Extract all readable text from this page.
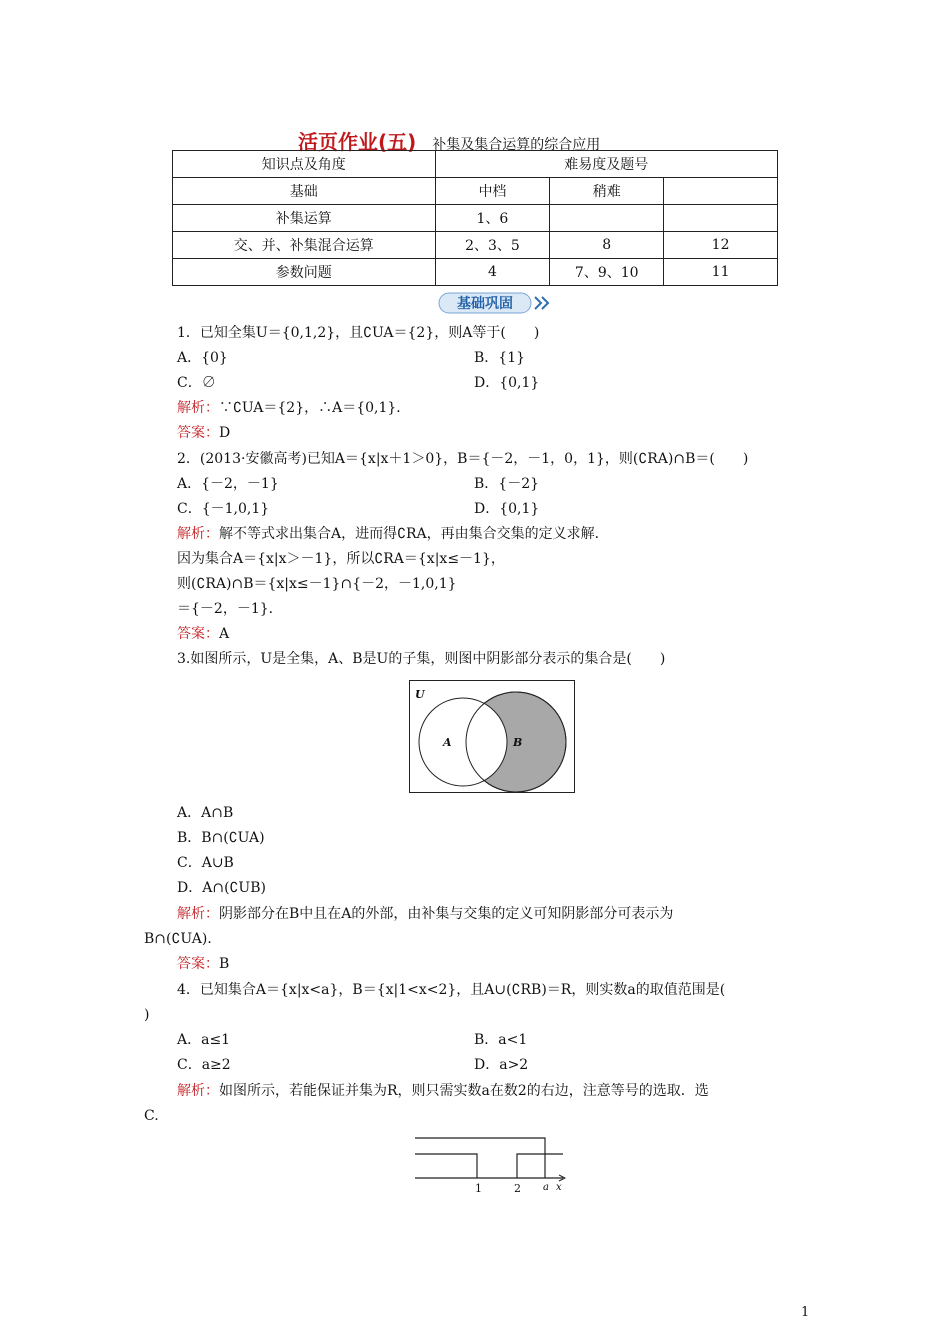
活页作业(五) 补集及集合运算的综合应用
知识点及角度	难易度及题号		
基础	中档	稍难	
补集运算	1、6		
交、并、补集混合运算	2、3、5	8	12
参数问题	4	7、9、10	11
基础巩固
1．已知全集U＝{0,1,2}，且∁UA＝{2}，则A等于(　　)
A．{0}	B．{1}
C．∅	D．{0,1}
解析：∵∁UA＝{2}，∴A＝{0,1}．
答案：D
2．(2013·安徽高考)已知A＝{x|x＋1＞0}，B＝{－2，－1，0，1}，则(∁RA)∩B＝(　　)
A．{－2，－1}	B．{－2}
C．{－1,0,1}	D．{0,1}
解析：解不等式求出集合A，进而得∁RA，再由集合交集的定义求解．
因为集合A＝{x|x＞－1}，所以∁RA＝{x|x≤－1}，
则(∁RA)∩B＝{x|x≤－1}∩{－2，－1,0,1}
＝{－2，－1}．
答案：A
3.如图所示，U是全集，A、B是U的子集，则图中阴影部分表示的集合是(　　)
U
A	B
A．A∩B
B．B∩(∁UA)
C．A∪B
D．A∩(∁UB)
解析：阴影部分在B中且在A的外部，由补集与交集的定义可知阴影部分可表示为
B∩(∁UA)．
答案：B
4．已知集合A＝{x|x<a}，B＝{x|1<x<2}，且A∪(∁RB)＝R，则实数a的取值范围是(
)
A．a≤1	B．a<1
C．a≥2	D．a>2
解析：如图所示，若能保证并集为R，则只需实数a在数2的右边，注意等号的选取．选
C.
1	2 a x
1
